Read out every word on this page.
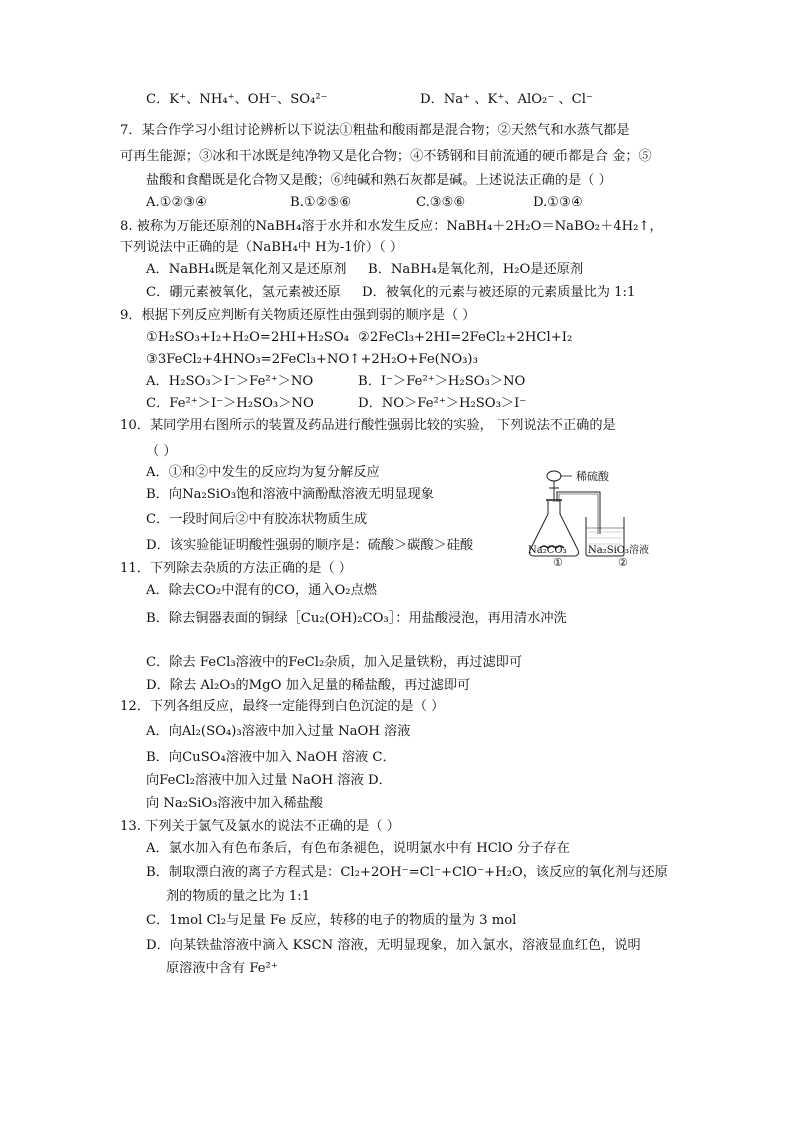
C．K⁺、NH₄⁺、OH⁻、SO₄²⁻	D．Na⁺ 、K⁺、AlO₂⁻ 、Cl⁻
7．某合作学习小组讨论辨析以下说法①粗盐和酸雨都是混合物；②天然气和水蒸气都是
可再生能源；③冰和干冰既是纯净物又是化合物；④不锈钢和目前流通的硬币都是合 金；⑤
盐酸和食醋既是化合物又是酸；⑥纯碱和熟石灰都是碱。上述说法正确的是（ ）
A.①②③④	B.①②⑤⑥	C.③⑤⑥	D.①③④
8. 被称为万能还原剂的NaBH₄溶于水并和水发生反应：NaBH₄＋2H₂O＝NaBO₂＋4H₂↑，
下列说法中正确的是（NaBH₄中 H为-1价）（ ）
A．NaBH₄既是氧化剂又是还原剂 B．NaBH₄是氧化剂，H₂O是还原剂
C．硼元素被氧化，氢元素被还原 D．被氧化的元素与被还原的元素质量比为 1:1
9．根据下列反应判断有关物质还原性由强到弱的顺序是（ ）
①H₂SO₃+I₂+H₂O=2HI+H₂SO₄ ②2FeCl₃+2HI=2FeCl₂+2HCl+I₂
③3FeCl₂+4HNO₃=2FeCl₃+NO↑+2H₂O+Fe(NO₃)₃
A．H₂SO₃＞I⁻＞Fe²⁺＞NO	B．I⁻＞Fe²⁺＞H₂SO₃＞NO
C．Fe²⁺＞I⁻＞H₂SO₃＞NO	D．NO＞Fe²⁺＞H₂SO₃＞I⁻
10．某同学用右图所示的装置及药品进行酸性强弱比较的实验， 下列说法不正确的是
（ ）
A．①和②中发生的反应均为复分解反应
B．向Na₂SiO₃饱和溶液中滴酚酞溶液无明显现象
C．一段时间后②中有胶冻状物质生成
D．该实验能证明酸性强弱的顺序是：硫酸＞碳酸＞硅酸
稀硫酸
Na₂CO₃ Na₂SiO₃溶液
①	②
11．下列除去杂质的方法正确的是（ ）
A．除去CO₂中混有的CO，通入O₂点燃
B．除去铜器表面的铜绿［Cu₂(OH)₂CO₃］：用盐酸浸泡，再用清水冲洗
C．除去 FeCl₃溶液中的FeCl₂杂质，加入足量铁粉，再过滤即可
D．除去 Al₂O₃的MgO 加入足量的稀盐酸，再过滤即可
12．下列各组反应，最终一定能得到白色沉淀的是（ ）
A．向Al₂(SO₄)₃溶液中加入过量 NaOH 溶液
B．向CuSO₄溶液中加入 NaOH 溶液 C．
向FeCl₂溶液中加入过量 NaOH 溶液 D．
向 Na₂SiO₃溶液中加入稀盐酸
13. 下列关于氯气及氯水的说法不正确的是（ ）
A．氯水加入有色布条后，有色布条褪色，说明氯水中有 HClO 分子存在
B．制取漂白液的离子方程式是：Cl₂+2OH⁻=Cl⁻+ClO⁻+H₂O，该反应的氧化剂与还原
剂的物质的量之比为 1:1
C．1mol Cl₂与足量 Fe 反应，转移的电子的物质的量为 3 mol
D．向某铁盐溶液中滴入 KSCN 溶液，无明显现象，加入氯水，溶液显血红色，说明
原溶液中含有 Fe²⁺
